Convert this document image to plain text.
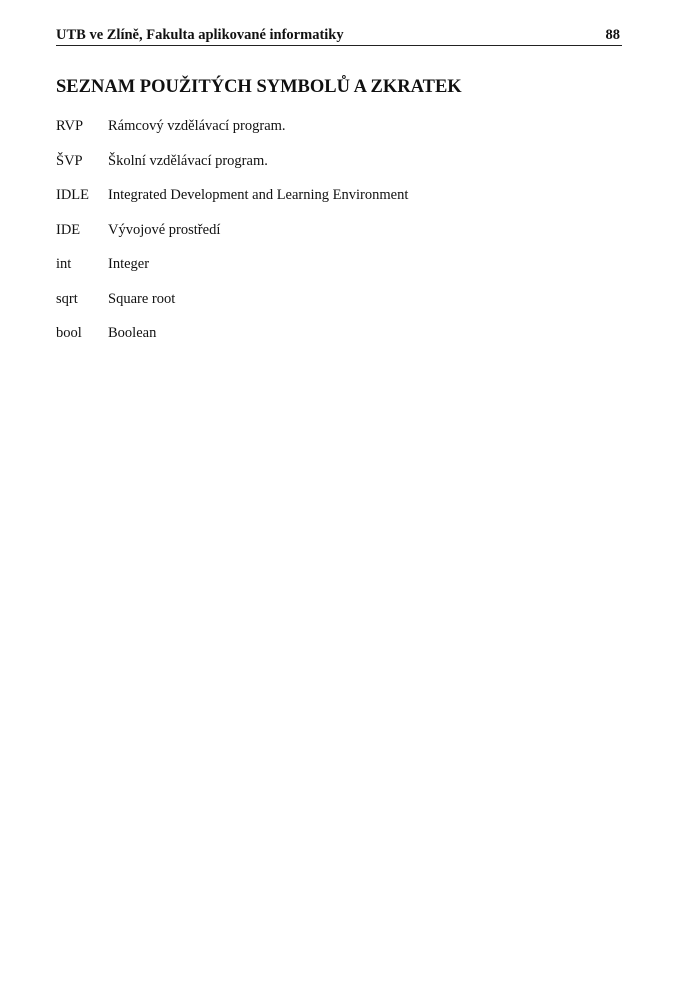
UTB ve Zlíně, Fakulta aplikované informatiky	88
SEZNAM POUŽITÝCH SYMBOLŮ A ZKRATEK
RVP Rámcový vzdělávací program.
ŠVP Školní vzdělávací program.
IDLE Integrated Development and Learning Environment
IDE Vývojové prostředí
int	Integer
sqrt Square root
bool Boolean
